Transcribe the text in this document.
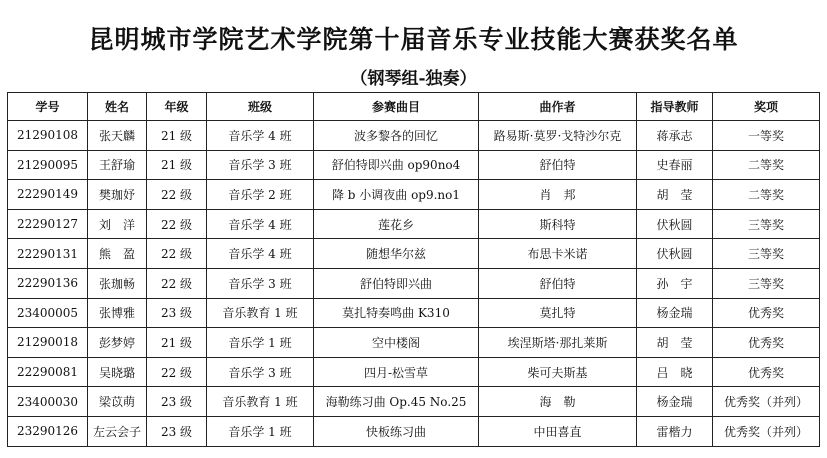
昆明城市学院艺术学院第十届音乐专业技能大赛获奖名单
（钢琴组-独奏）
学号	姓名	年级	班级	参赛曲目	曲作者	指导教师	奖项
21290108	张天麟	21 级	音乐学 4 班	波多黎各的回忆	路易斯·莫罗·戈特沙尔克	蒋承志	一等奖
21290095	王舒瑜	21 级	音乐学 3 班	舒伯特即兴曲 op90no4	舒伯特	史春丽	二等奖
22290149	樊珈妤	22 级	音乐学 2 班	降 b 小调夜曲 op9.no1	肖　邦	胡　莹	二等奖
22290127	刘　洋	22 级	音乐学 4 班	莲花乡	斯科特	伏秋圆	三等奖
22290131	熊　盈	22 级	音乐学 4 班	随想华尔兹	布思卡米诺	伏秋圆	三等奖
22290136	张珈畅	22 级	音乐学 3 班	舒伯特即兴曲	舒伯特	孙　宇	三等奖
23400005	张博雅	23 级	音乐教育 1 班	莫扎特奏鸣曲 K310	莫扎特	杨金瑞	优秀奖
21290018	彭梦婷	21 级	音乐学 1 班	空中楼阁	埃涅斯塔·那扎莱斯	胡　莹	优秀奖
22290081	吴晓璐	22 级	音乐学 3 班	四月-松雪草	柴可夫斯基	吕　晓	优秀奖
23400030	梁苡萌	23 级	音乐教育 1 班	海勒练习曲 Op.45 No.25	海　勒	杨金瑞	优秀奖（并列）
23290126	左云会子	23 级	音乐学 1 班	快板练习曲	中田喜直	雷楷力	优秀奖（并列）
